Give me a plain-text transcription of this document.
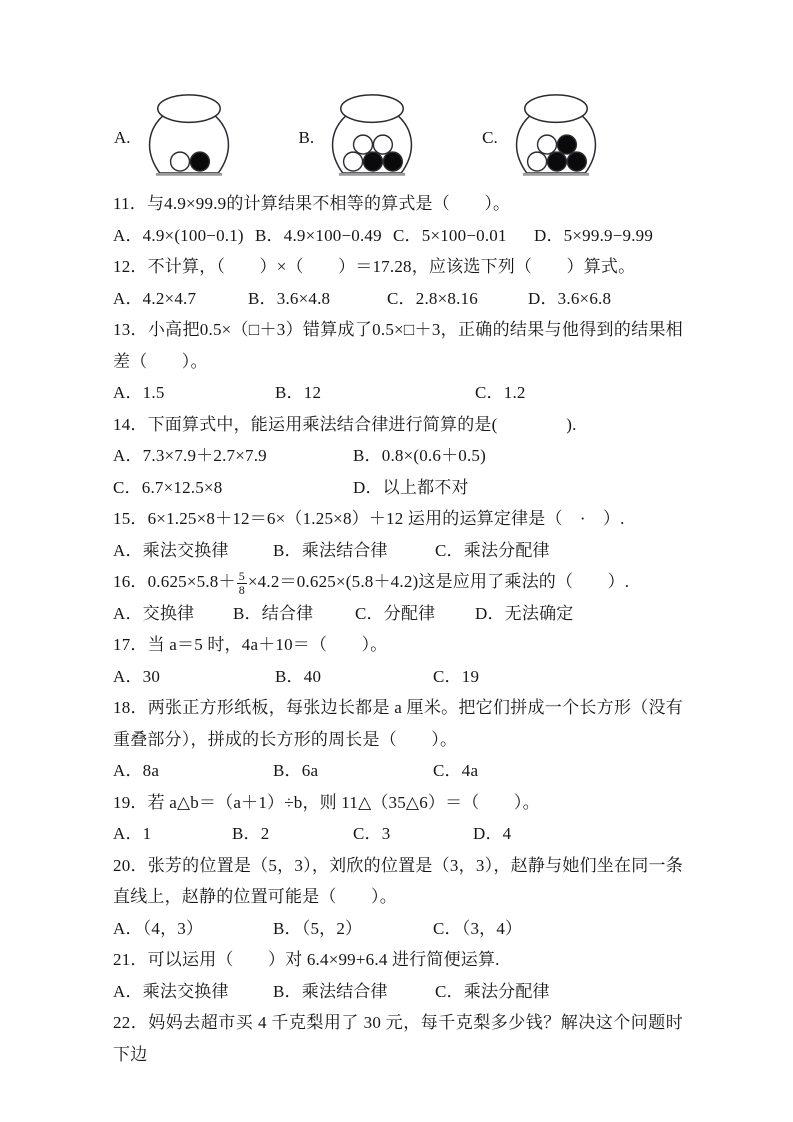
A.	B.	C.
11．与4.9×99.9的计算结果不相等的算式是（　　）。
A．4.9×(100−0.1) B．4.9×100−0.49 C．5×100−0.01 D．5×99.9−9.99
12．不计算，（　　）×（　　）＝17.28，应该选下列（　　）算式。
A．4.2×4.7	B．3.6×4.8	C．2.8×8.16	D．3.6×6.8
13．小高把0.5×（□＋3）错算成了0.5×□＋3，正确的结果与他得到的结果相差（　　）。
A．1.5	B．12	C．1.2
14．下面算式中，能运用乘法结合律进行简算的是(　　　　).
A．7.3×7.9＋2.7×7.9	B．0.8×(0.6＋0.5)
C．6.7×12.5×8	D．以上都不对
15．6×1.25×8＋12＝6×（1.25×8）＋12 运用的运算定律是（　·　）.
A．乘法交换律	B．乘法结合律	C．乘法分配律
16．$0.625\times 5.8+ \frac{5}{8} \times 4.2=0.625\times(5.8+4.2)$这是应用了乘法的（　　）.
A．交换律 B．结合律 C．分配律 D．无法确定
17．当 a＝5 时，4a＋10＝（　　）。
A．30	B．40	C．19
18．两张正方形纸板，每张边长都是 a 厘米。把它们拼成一个长方形（没有重叠部分），拼成的长方形的周长是（　　）。
A．8a	B．6a	C．4a
19．若 a△b＝（a＋1）÷b，则 11△（35△6）＝（　　）。
A．1	B．2	C．3	D．4
20．张芳的位置是（5，3），刘欣的位置是（3，3），赵静与她们坐在同一条直线上，赵静的位置可能是（　　）。
A．（4，3）	B．（5，2）	C．（3，4）
21．可以运用（　　）对 6.4×99+6.4 进行简便运算.
A．乘法交换律	B．乘法结合律	C．乘法分配律
22．妈妈去超市买 4 千克梨用了 30 元，每千克梨多少钱？解决这个问题时下边
